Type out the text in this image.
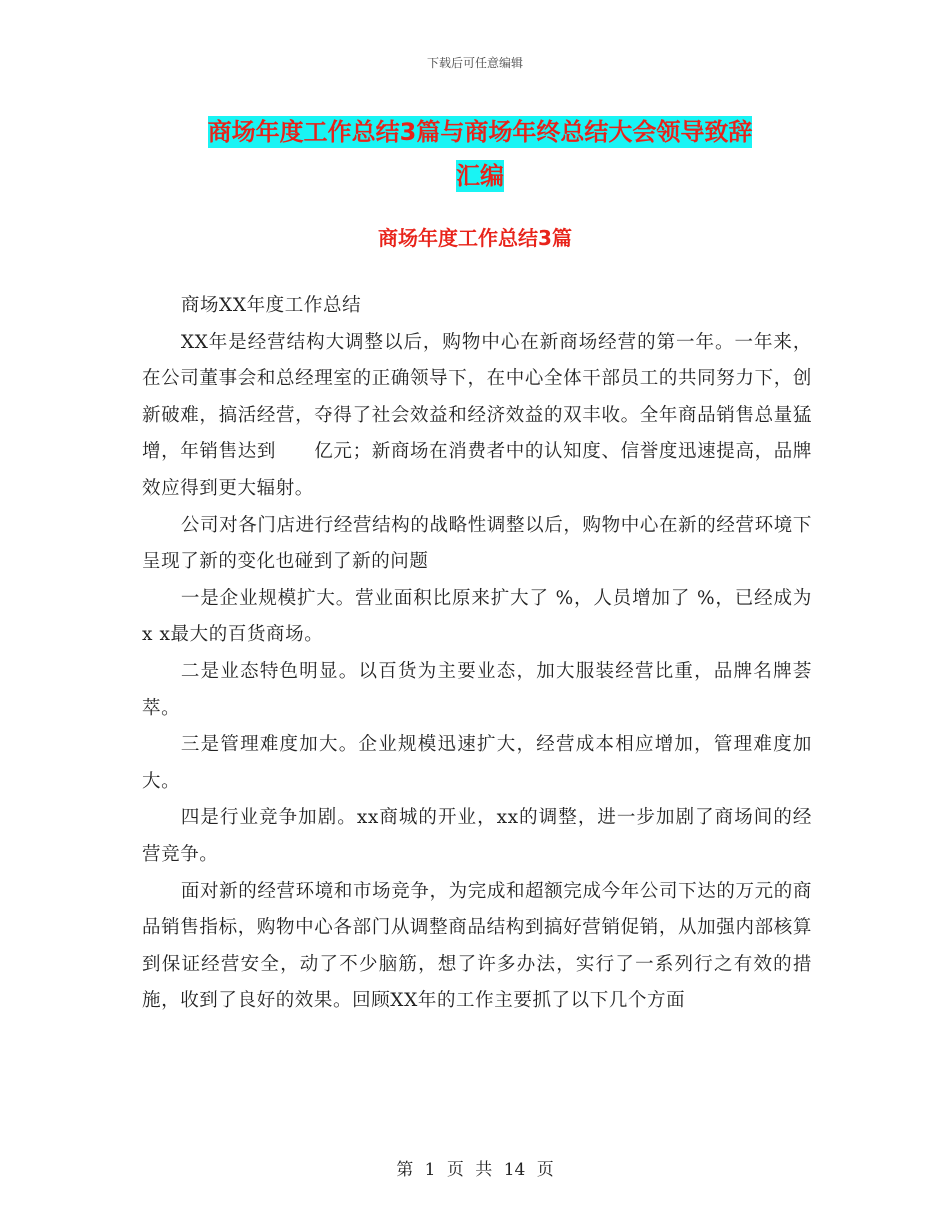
下载后可任意编辑
商场年度工作总结3篇与商场年终总结大会领导致辞
汇编
商场年度工作总结3篇

商场XX年度工作总结

XX年是经营结构大调整以后，购物中心在新商场经营的第一年。一年来，在公司董事会和总经理室的正确领导下，在中心全体干部员工的共同努力下，创新破难，搞活经营，夺得了社会效益和经济效益的双丰收。全年商品销售总量猛增，年销售达到　　亿元；新商场在消费者中的认知度、信誉度迅速提高，品牌效应得到更大辐射。

公司对各门店进行经营结构的战略性调整以后，购物中心在新的经营环境下呈现了新的变化也碰到了新的问题

一是企业规模扩大。营业面积比原来扩大了 %，人员增加了 %，已经成为x x最大的百货商场。

二是业态特色明显。以百货为主要业态，加大服装经营比重，品牌名牌荟萃。

三是管理难度加大。企业规模迅速扩大，经营成本相应增加，管理难度加大。

四是行业竞争加剧。xx商城的开业，xx的调整，进一步加剧了商场间的经营竞争。

面对新的经营环境和市场竞争，为完成和超额完成今年公司下达的万元的商品销售指标，购物中心各部门从调整商品结构到搞好营销促销，从加强内部核算到保证经营安全，动了不少脑筋，想了许多办法，实行了一系列行之有效的措施，收到了良好的效果。回顾XX年的工作主要抓了以下几个方面

第 1 页 共 14 页
